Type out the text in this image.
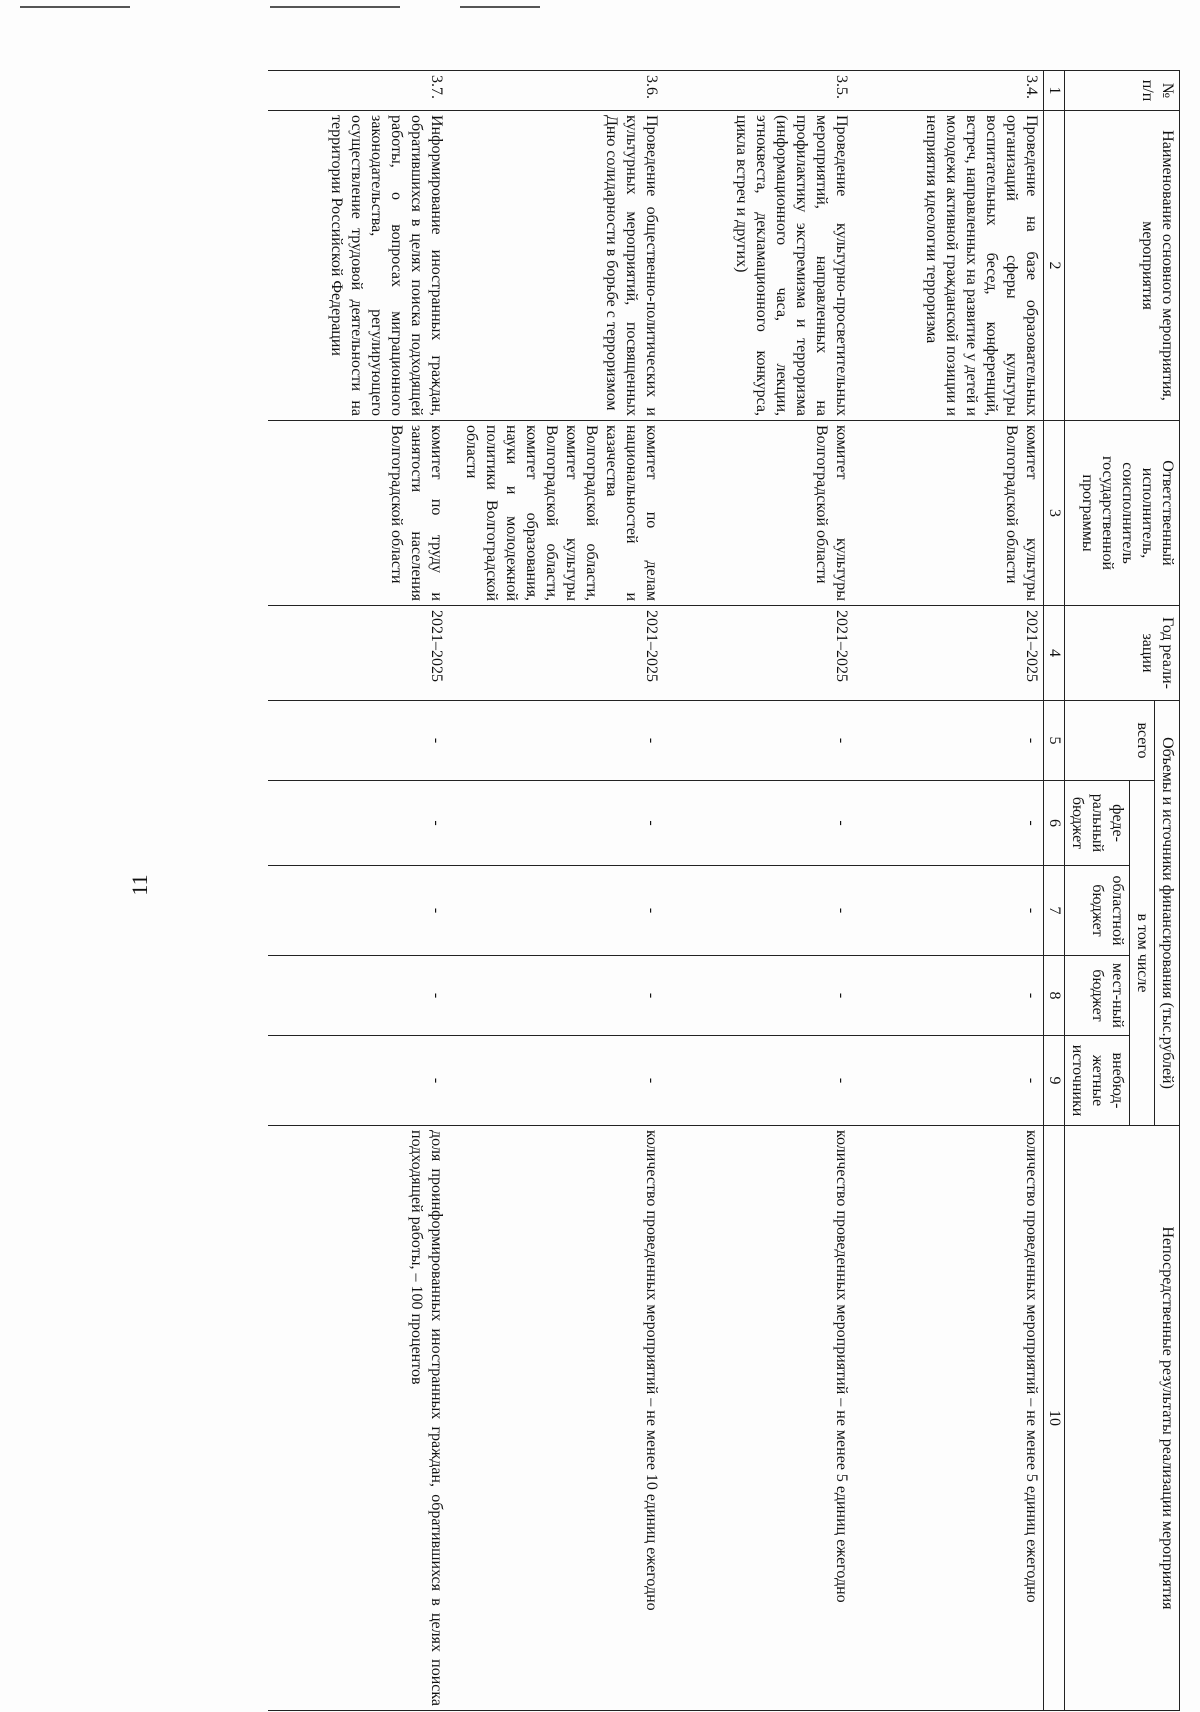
11
№ п/п	Наименование основного мероприятия, мероприятия	Ответственный исполнитель, соисполнитель государственной программы	Год реали-зации	Объемы и источники финансирования (тыс.рублей)					Непосредственные результаты реализации мероприятия
				всего	в том числе				
					феде-ральный бюджет	областной бюджет	мест-ный бюджет	внебюд-жетные источники	
1	2	3	4	5	6	7	8	9	10
3.4.	Проведение на базе образовательных организаций сферы культуры воспитательных бесед, конференций, встреч, направленных на развитие у детей и молодежи активной гражданской позиции и неприятия идеологии терроризма	комитет культуры Волгоградской области	2021–2025	-	-	-	-	-	количество проведенных мероприятий – не менее 5 единиц ежегодно
3.5.	Проведение культурно-просветительных мероприятий, направленных на профилактику экстремизма и терроризма (информационного часа, лекции, этноквеста, декламационного конкурса, цикла встреч и других)	комитет культуры Волгоградской области	2021–2025	-	-	-	-	-	количество проведенных мероприятий – не менее 5 единиц ежегодно
3.6.	Проведение общественно-политических и культурных мероприятий, посвященных Дню солидарности в борьбе с терроризмом	комитет по делам национальностей и казачества Волгоградской области, комитет культуры Волгоградской области, комитет образования, науки и молодежной политики Волгоградской области	2021–2025	-	-	-	-	-	количество проведенных мероприятий – не менее 10 единиц ежегодно
3.7.	Информирование иностранных граждан, обратившихся в целях поиска подходящей работы, о вопросах миграционного законодательства, регулирующего осуществление трудовой деятельности на территории Российской Федерации	комитет по труду и занятости населения Волгоградской области	2021–2025	-	-	-	-	-	доля проинформированных иностранных граждан, обратившихся в целях поиска подходящей работы, – 100 процентов
